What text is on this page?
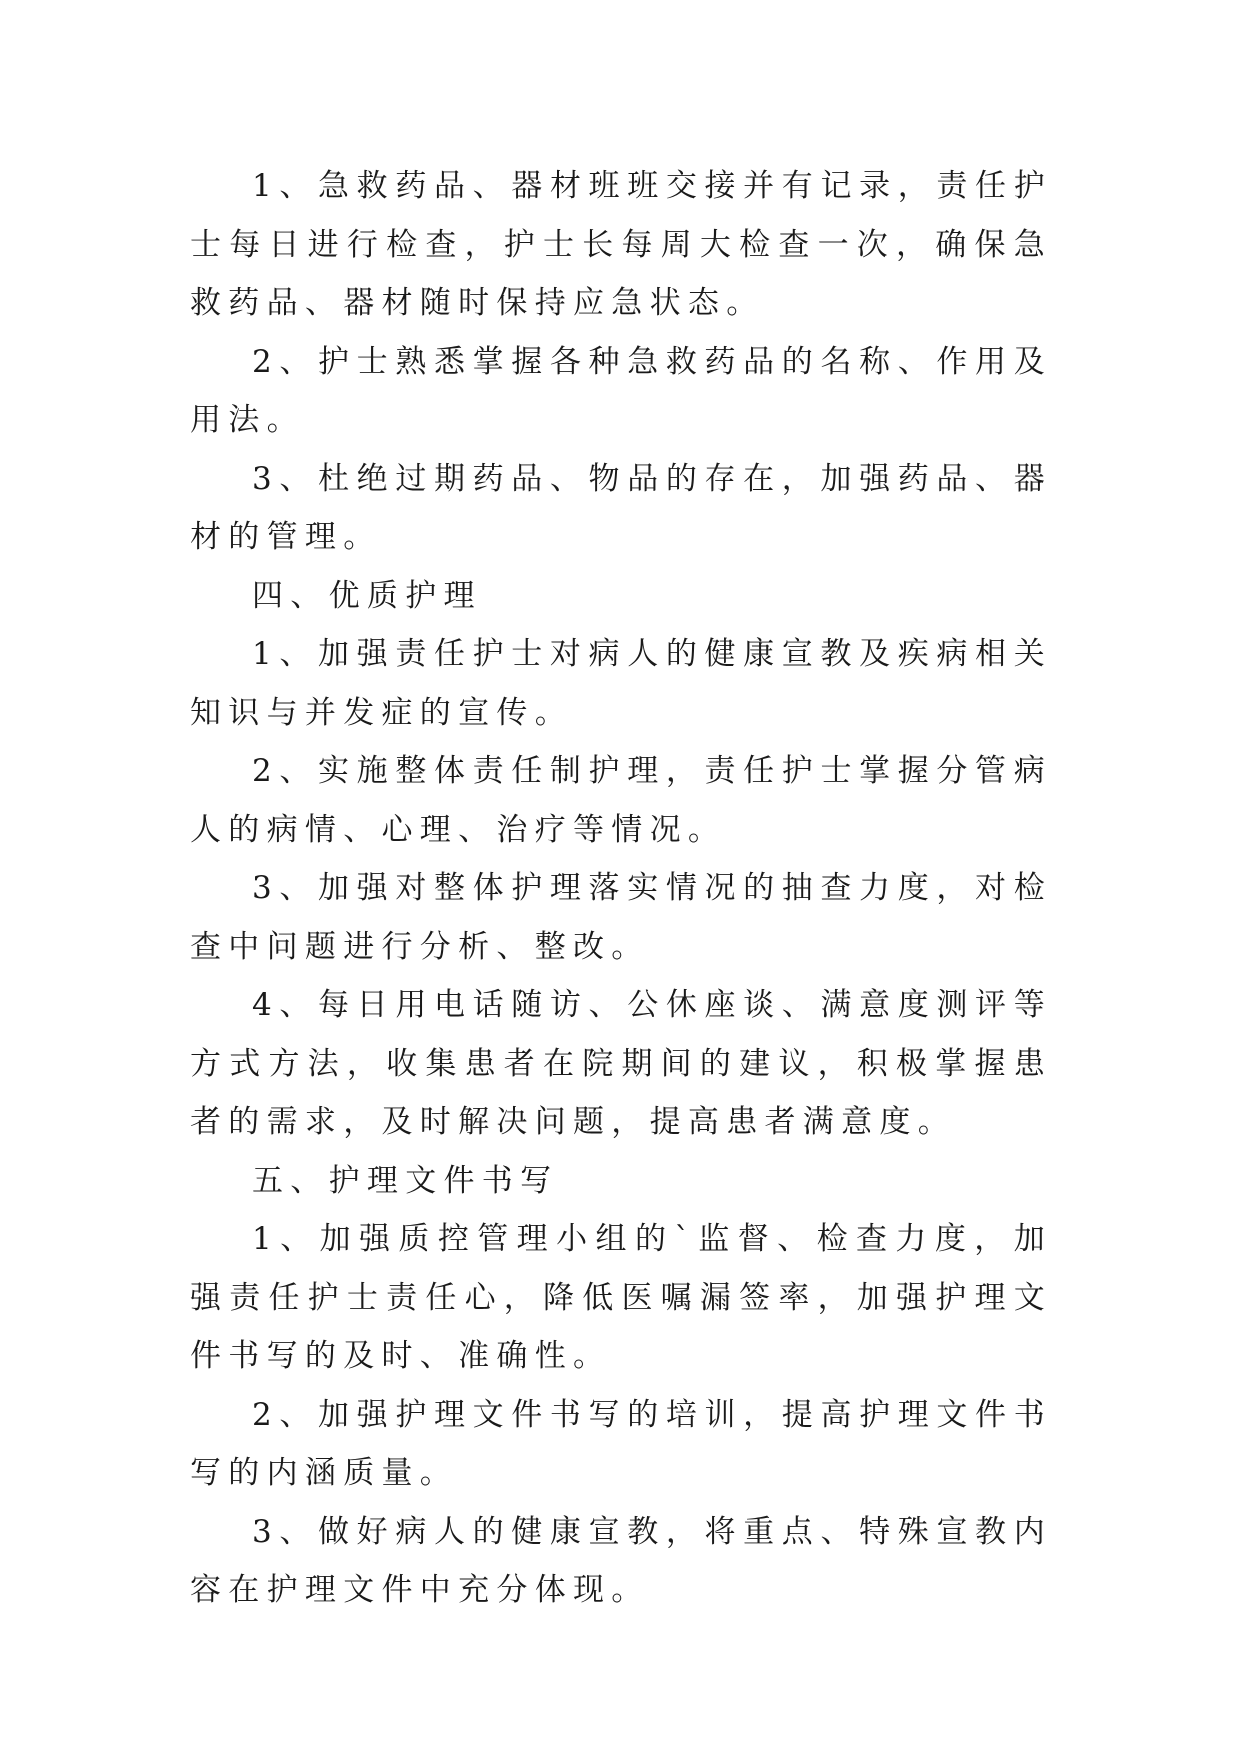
1、急救药品、器材班班交接并有记录，责任护士每日进行检查，护士长每周大检查一次，确保急救药品、器材随时保持应急状态。

2、护士熟悉掌握各种急救药品的名称、作用及用法。

3、杜绝过期药品、物品的存在，加强药品、器材的管理。

四、优质护理

1、加强责任护士对病人的健康宣教及疾病相关知识与并发症的宣传。

2、实施整体责任制护理，责任护士掌握分管病人的病情、心理、治疗等情况。

3、加强对整体护理落实情况的抽查力度，对检查中问题进行分析、整改。

4、每日用电话随访、公休座谈、满意度测评等方式方法，收集患者在院期间的建议，积极掌握患者的需求，及时解决问题，提高患者满意度。

五、护理文件书写

1、加强质控管理小组的`监督、检查力度，加强责任护士责任心，降低医嘱漏签率，加强护理文件书写的及时、准确性。

2、加强护理文件书写的培训，提高护理文件书写的内涵质量。

3、做好病人的健康宣教，将重点、特殊宣教内容在护理文件中充分体现。
